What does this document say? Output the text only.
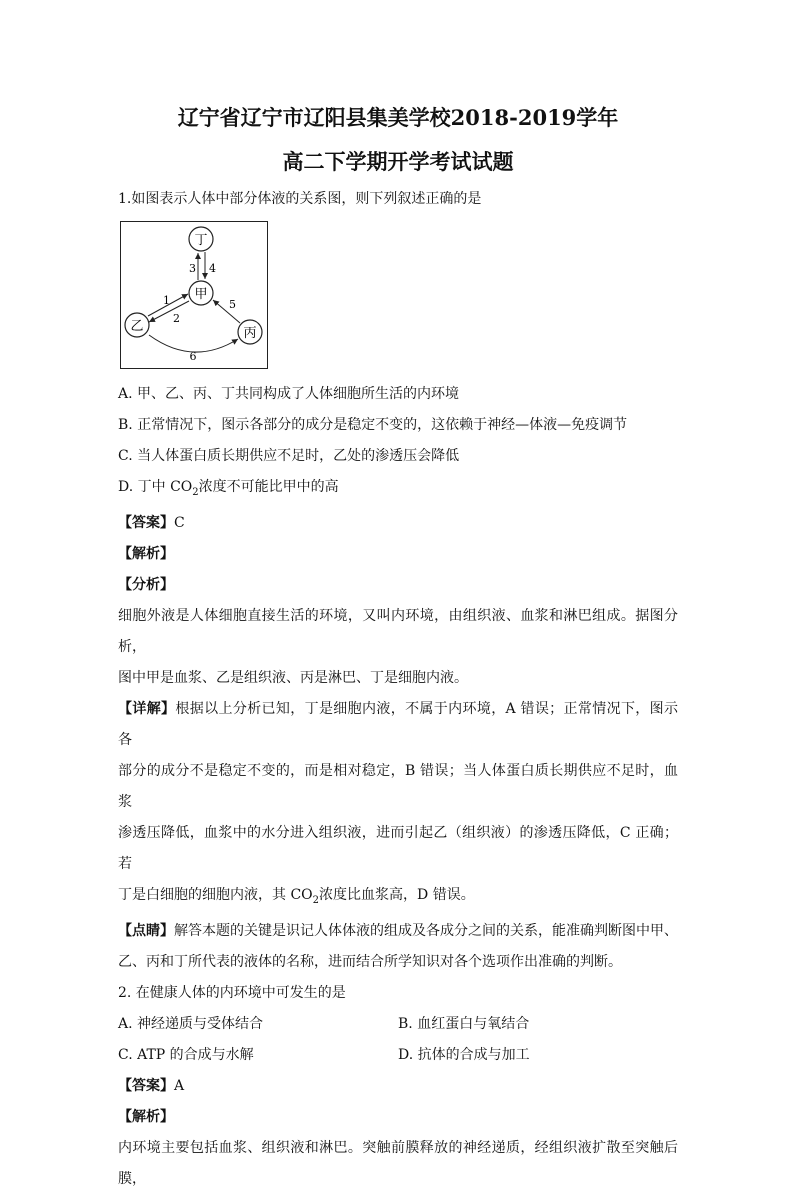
辽宁省辽宁市辽阳县集美学校2018-2019学年

高二下学期开学考试试题

1.如图表示人体中部分体液的关系图，则下列叙述正确的是

丁
甲
乙	丙
3 4
1
2
5
6

A. 甲、乙、丙、丁共同构成了人体细胞所生活的内环境

B. 正常情况下，图示各部分的成分是稳定不变的，这依赖于神经—体液—免疫调节

C. 当人体蛋白质长期供应不足时，乙处的渗透压会降低

D. 丁中 $CO_2$浓度不可能比甲中的高

【答案】C

【解析】

【分析】

细胞外液是人体细胞直接生活的环境，又叫内环境，由组织液、血浆和淋巴组成。据图分析，

图中甲是血浆、乙是组织液、丙是淋巴、丁是细胞内液。

【详解】根据以上分析已知，丁是细胞内液，不属于内环境，A 错误；正常情况下，图示各

部分的成分不是稳定不变的，而是相对稳定，B 错误；当人体蛋白质长期供应不足时，血浆

渗透压降低，血浆中的水分进入组织液，进而引起乙（组织液）的渗透压降低，C 正确；若

丁是白细胞的细胞内液，其 $CO_2$浓度比血浆高，D 错误。

【点睛】解答本题的关键是识记人体体液的组成及各成分之间的关系，能准确判断图中甲、

乙、丙和丁所代表的液体的名称，进而结合所学知识对各个选项作出准确的判断。

2. 在健康人体的内环境中可发生的是

A. 神经递质与受体结合	B. 血红蛋白与氧结合
C. ATP 的合成与水解	D. 抗体的合成与加工

【答案】A

【解析】

内环境主要包括血浆、组织液和淋巴。突触前膜释放的神经递质，经组织液扩散至突触后膜，
